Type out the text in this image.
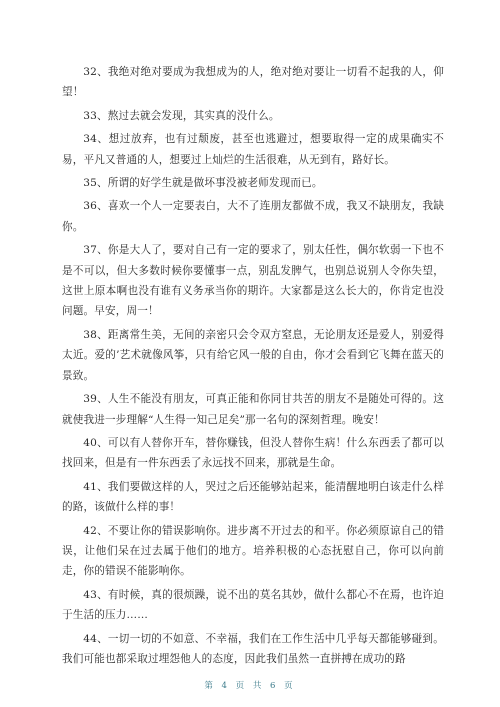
32、我绝对绝对要成为我想成为的人，绝对绝对要让一切看不起我的人，仰望！

33、熬过去就会发现，其实真的没什么。

34、想过放弃，也有过颓废，甚至也逃避过，想要取得一定的成果确实不易，平凡又普通的人，想要过上灿烂的生活很难，从无到有，路好长。

35、所谓的好学生就是做坏事没被老师发现而已。

36、喜欢一个人一定要表白，大不了连朋友都做不成，我又不缺朋友，我缺你。

37、你是大人了，要对自己有一定的要求了，别太任性，偶尔软弱一下也不是不可以，但大多数时候你要懂事一点，别乱发脾气，也别总说别人令你失望，这世上原本啊也没有谁有义务承当你的期许。大家都是这么长大的，你肯定也没问题。早安，周一！

38、距离常生美，无间的亲密只会令双方窒息，无论朋友还是爱人，别爱得太近。爱的’艺术就像风筝，只有给它风一般的自由，你才会看到它飞舞在蓝天的景致。

39、人生不能没有朋友，可真正能和你同甘共苦的朋友不是随处可得的。这就使我进一步理解“人生得一知己足矣”那一名句的深刻哲理。晚安！

40、可以有人替你开车，替你赚钱，但没人替你生病！什么东西丢了都可以找回来，但是有一件东西丢了永远找不回来，那就是生命。

41、我们要做这样的人，哭过之后还能够站起来，能清醒地明白该走什么样的路，该做什么样的事！

42、不要让你的错误影响你。进步离不开过去的和平。你必须原谅自己的错误，让他们呆在过去属于他们的地方。培养积极的心态抚慰自己，你可以向前走，你的错误不能影响你。

43、有时候，真的很烦躁，说不出的莫名其妙，做什么都心不在焉，也许迫于生活的压力……

44、一切一切的不如意、不幸福，我们在工作生活中几乎每天都能够碰到。我们可能也都采取过埋怨他人的态度，因此我们虽然一直拼搏在成功的路

第 4 页 共 6 页
